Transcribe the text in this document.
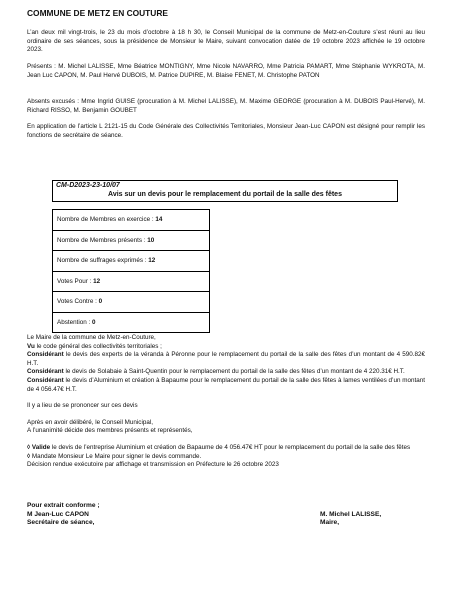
COMMUNE DE METZ EN COUTURE
L’an deux mil vingt-trois, le 23 du mois d’octobre à 18 h 30, le Conseil Municipal de la commune de Metz-en-Couture s’est réuni au lieu ordinaire de ses séances, sous la présidence de Monsieur le Maire, suivant convocation datée de 19 octobre 2023 affichée le 19 octobre 2023.
Présents : M. Michel LALISSE, Mme Béatrice MONTIGNY, Mme Nicole NAVARRO, Mme Patricia PAMART, Mme Stéphanie WYKROTA, M. Jean Luc CAPON, M. Paul Hervé DUBOIS, M. Patrice DUPIRE, M. Blaise FENET, M. Christophe PATON
Absents excusés : Mme Ingrid GUISE (procuration à M. Michel LALISSE), M. Maxime GEORGE (procuration à M. DUBOIS Paul-Hervé), M. Richard RISSO, M. Benjamin GOUBET
En application de l’article L 2121-15 du Code Générale des Collectivités Territoriales, Monsieur Jean-Luc CAPON est désigné pour remplir les fonctions de secrétaire de séance.
CM-D2023-23-10/07
Avis sur un devis pour le remplacement du portail de la salle des fêtes
Nombre de Membres en exercice : 14
Nombre de Membres présents : 10
Nombre de suffrages exprimés : 12
Votes Pour : 12
Votes Contre : 0
Abstention : 0

Le Maire de la commune de Metz-en-Couture,

Vu le code général des collectivités territoriales ;

Considérant le devis des experts de la véranda à Péronne pour le remplacement du portail de la salle des fêtes d’un montant de 4 590.82€ H.T.

Considérant le devis de Solabaie à Saint-Quentin pour le remplacement du portail de la salle des fêtes d’un montant de 4 220.31€ H.T.

Considérant le devis d’Aluminium et création à Bapaume pour le remplacement du portail de la salle des fêtes à lames ventilées d’un montant de 4 056.47€ H.T.

Il y a lieu de se prononcer sur ces devis

Après en avoir délibéré, le Conseil Municipal,

A l’unanimité décide des membres présents et représentés,

◊ Valide le devis de l’entreprise Aluminium et création de Bapaume de 4 056.47€ HT pour le remplacement du portail de la salle des fêtes

◊ Mandate Monsieur Le Maire pour signer le devis commande.

Décision rendue exécutoire par affichage et transmission en Préfecture le 26 octobre 2023

Pour extrait conforme ;
M Jean-Luc CAPON
Secrétaire de séance,
M. Michel LALISSE,
Maire,
